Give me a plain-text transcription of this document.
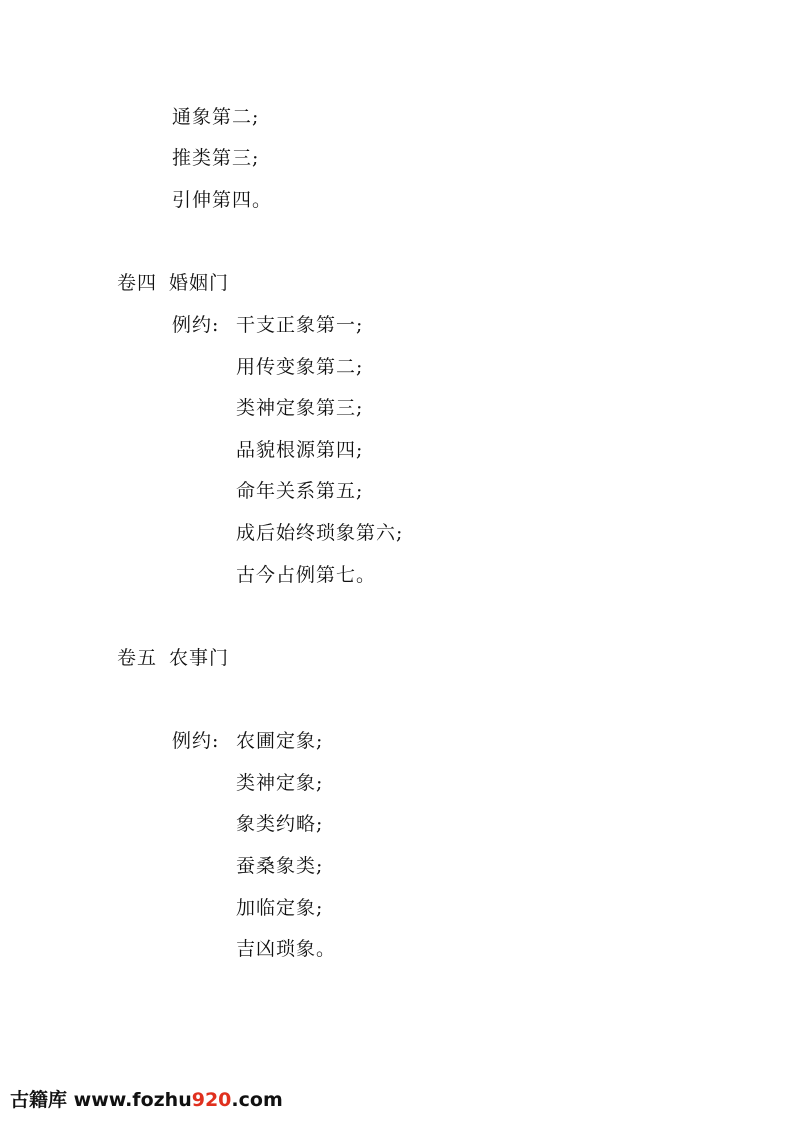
通象第二;
推类第三;
引伸第四。
卷四 婚姻门
例约: 干支正象第一;
用传变象第二;
类神定象第三;
品貌根源第四;
命年关系第五;
成后始终琐象第六;
古今占例第七。
卷五 农事门
例约: 农圃定象;
类神定象;
象类约略;
蚕桑象类;
加临定象;
吉凶琐象。
古籍库 www.fozhu920.com
